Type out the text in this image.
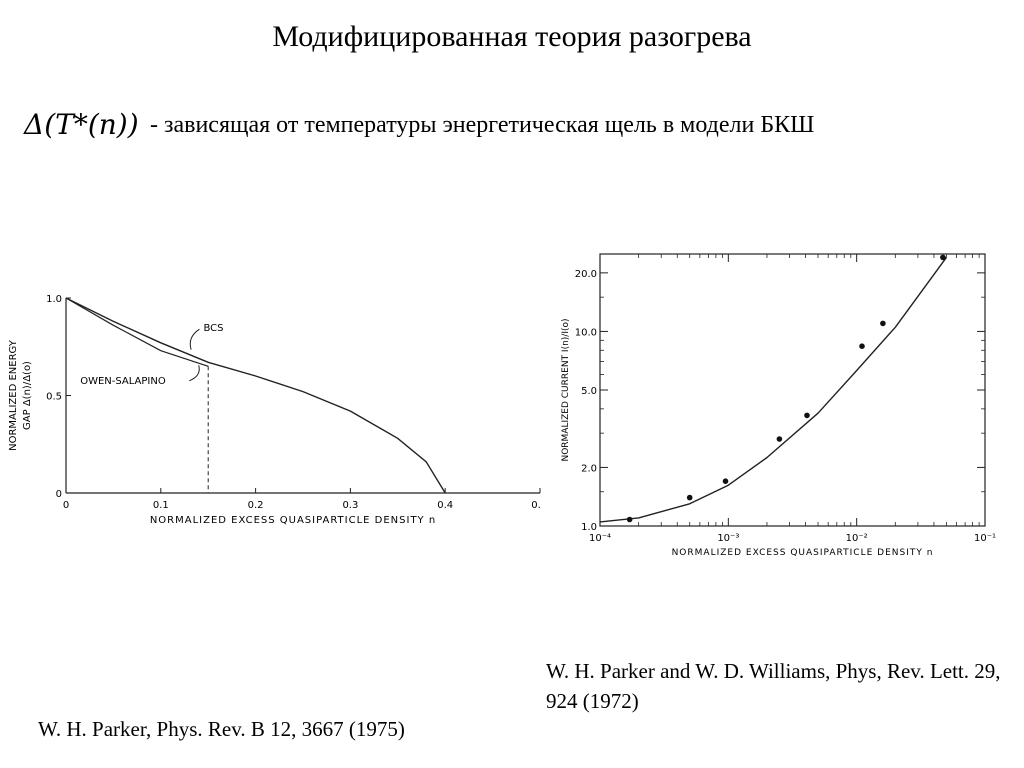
Модифицированная теория разогрева
Δ(T*(n)) - зависящая от температуры энергетическая щель в модели БКШ
NORMALIZED ENERGY GAP Δ(n)/Δ(o)
NORMALIZED EXCESS QUASIPARTICLE DENSITY n
0	0.1	0.2	0.3	0.4	0.
0
0.5
1.0
BCS
OWEN-SALAPINO	NORMALIZED CURRENT I(n)/I(o)
NORMALIZED EXCESS QUASIPARTICLE DENSITY n
10⁻⁴	10⁻³	10⁻²	10⁻¹
1.0
2.0
5.0
10.0
20.0
W. H. Parker and W. D. Williams, Phys, Rev. Lett. 29, 924 (1972)
W. H. Parker, Phys. Rev. B 12, 3667 (1975)
